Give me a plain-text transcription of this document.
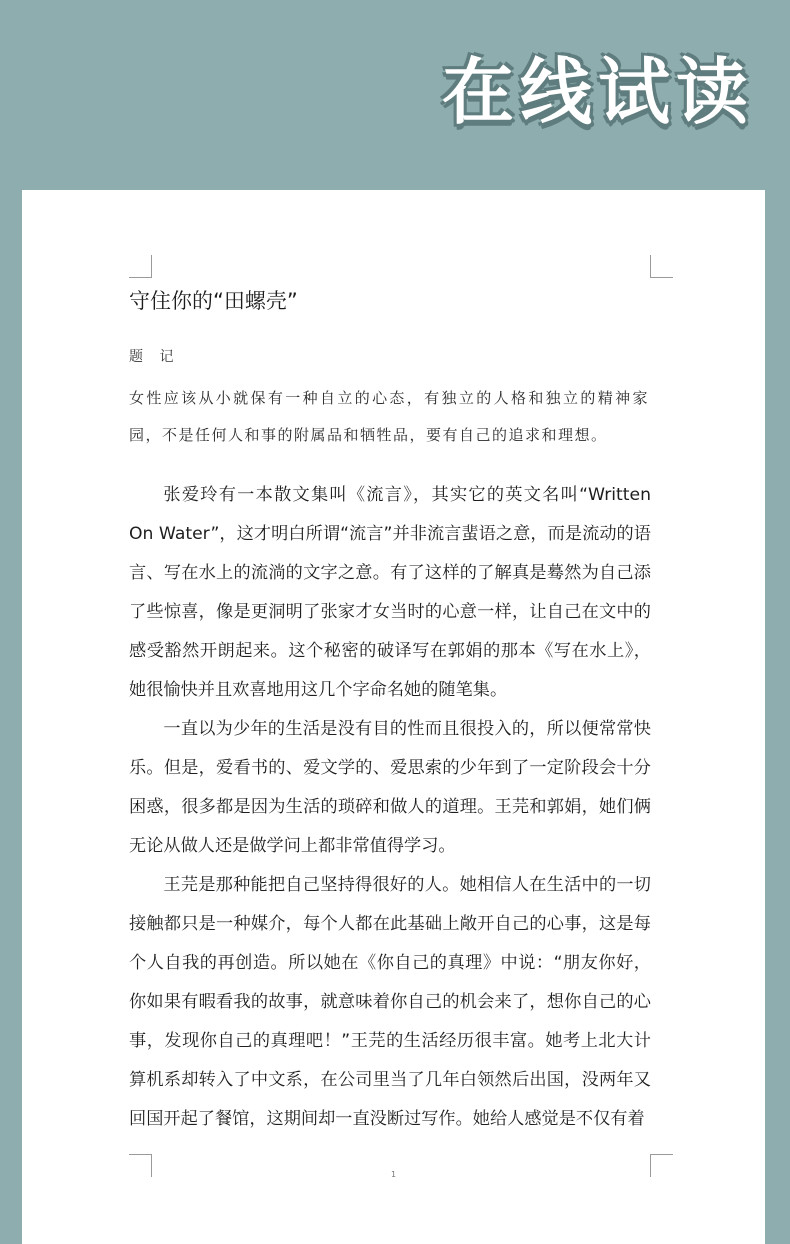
在线试读
守住你的“田螺壳”
题 记
女性应该从小就保有一种自立的心态，有独立的人格和独立的精神家园，不是任何人和事的附属品和牺牲品，要有自己的追求和理想。

张爱玲有一本散文集叫《流言》，其实它的英文名叫“Written On Water”，这才明白所谓“流言”并非流言蜚语之意，而是流动的语言、写在水上的流淌的文字之意。有了这样的了解真是蓦然为自己添了些惊喜，像是更洞明了张家才女当时的心意一样，让自己在文中的感受豁然开朗起来。这个秘密的破译写在郭娟的那本《写在水上》，她很愉快并且欢喜地用这几个字命名她的随笔集。

一直以为少年的生活是没有目的性而且很投入的，所以便常常快乐。但是，爱看书的、爱文学的、爱思索的少年到了一定阶段会十分困惑，很多都是因为生活的琐碎和做人的道理。王芫和郭娟，她们俩无论从做人还是做学问上都非常值得学习。

王芫是那种能把自己坚持得很好的人。她相信人在生活中的一切接触都只是一种媒介，每个人都在此基础上敞开自己的心事，这是每个人自我的再创造。所以她在《你自己的真理》中说：“朋友你好，你如果有暇看我的故事，就意味着你自己的机会来了，想你自己的心事，发现你自己的真理吧！”王芫的生活经历很丰富。她考上北大计算机系却转入了中文系，在公司里当了几年白领然后出国，没两年又回国开起了餐馆，这期间却一直没断过写作。她给人感觉是不仅有着

1
